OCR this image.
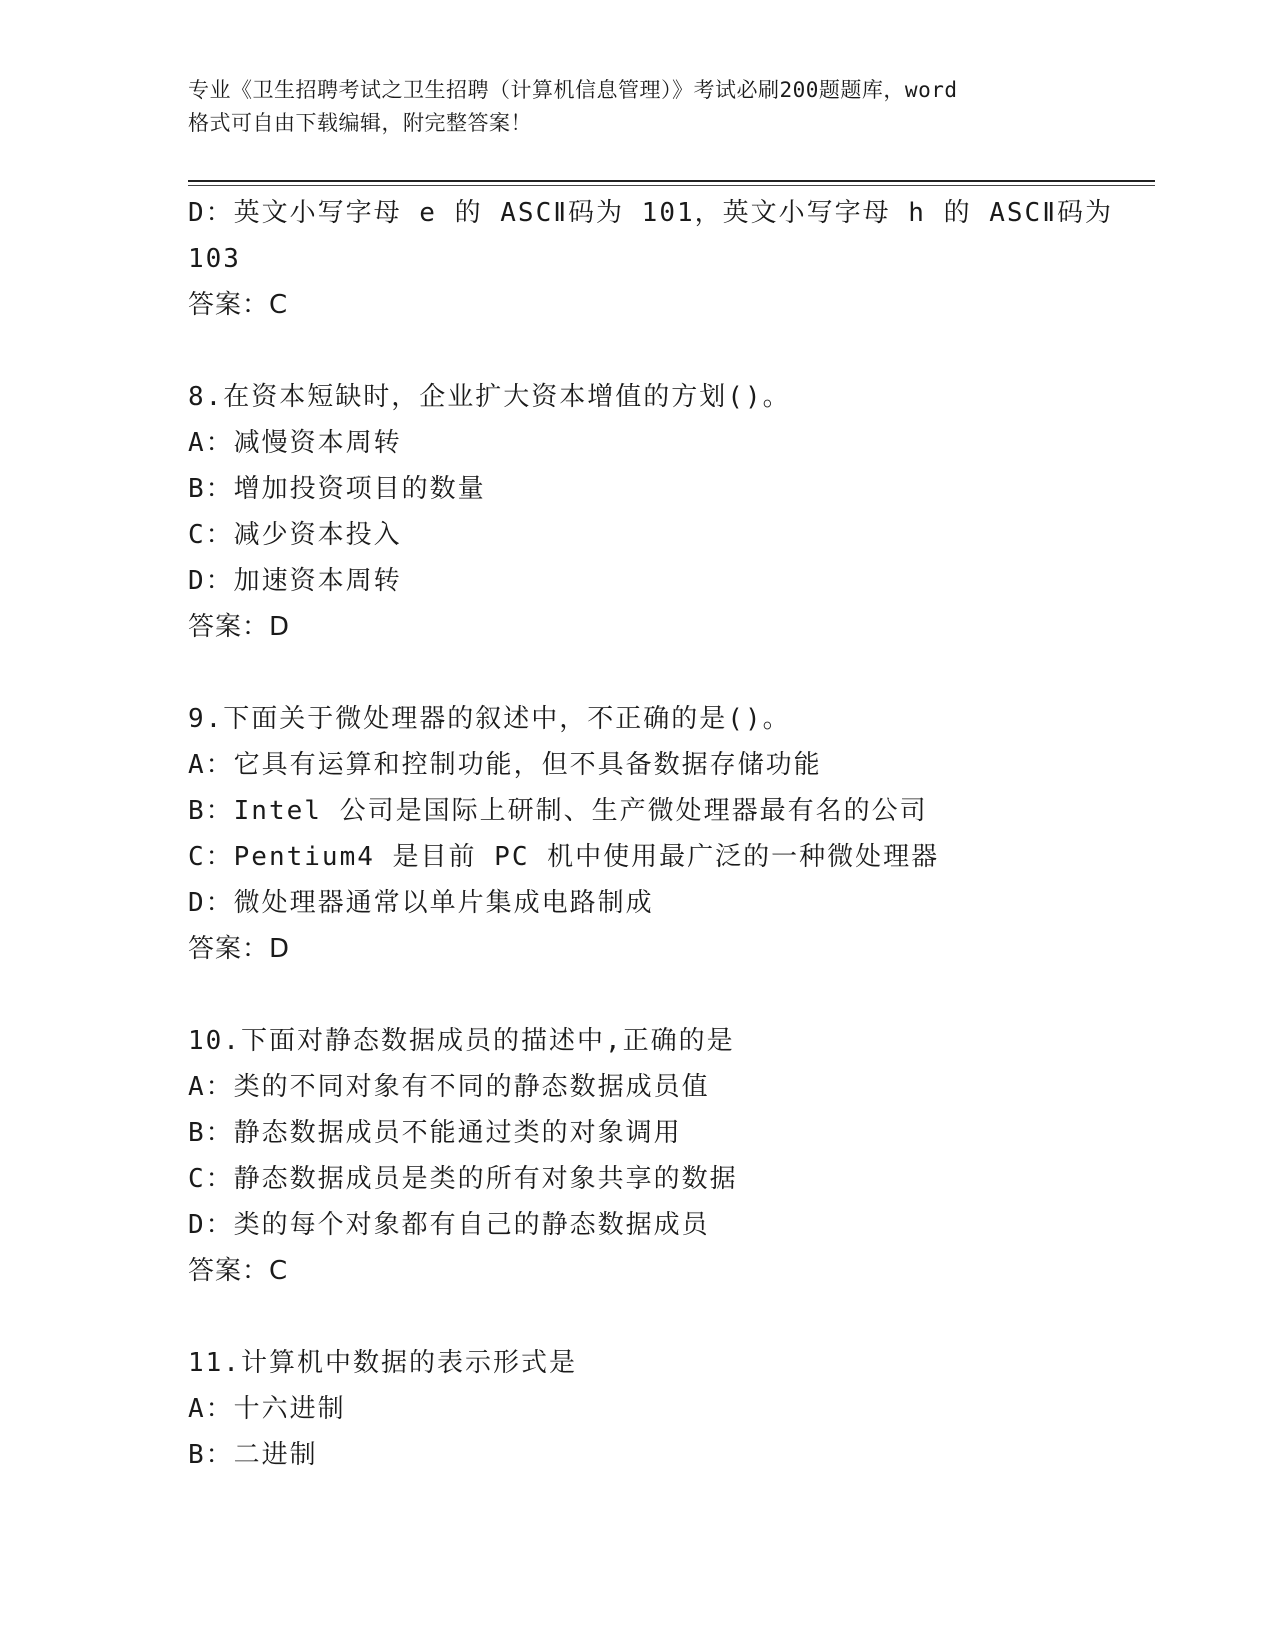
专业《卫生招聘考试之卫生招聘（计算机信息管理）》考试必刷200题题库，word
格式可自由下载编辑，附完整答案！
D：英文小写字母 e 的 ASCⅡ码为 101，英文小写字母 h 的 ASCⅡ码为
103
答案：C
8.在资本短缺时，企业扩大资本增值的方划()。
A：减慢资本周转
B：增加投资项目的数量
C：减少资本投入
D：加速资本周转
答案：D
9.下面关于微处理器的叙述中，不正确的是()。
A：它具有运算和控制功能，但不具备数据存储功能
B：Intel 公司是国际上研制、生产微处理器最有名的公司
C：Pentium4 是目前 PC 机中使用最广泛的一种微处理器
D：微处理器通常以单片集成电路制成
答案：D
10.下面对静态数据成员的描述中,正确的是
A：类的不同对象有不同的静态数据成员值
B：静态数据成员不能通过类的对象调用
C：静态数据成员是类的所有对象共享的数据
D：类的每个对象都有自己的静态数据成员
答案：C
11.计算机中数据的表示形式是
A：十六进制
B：二进制
